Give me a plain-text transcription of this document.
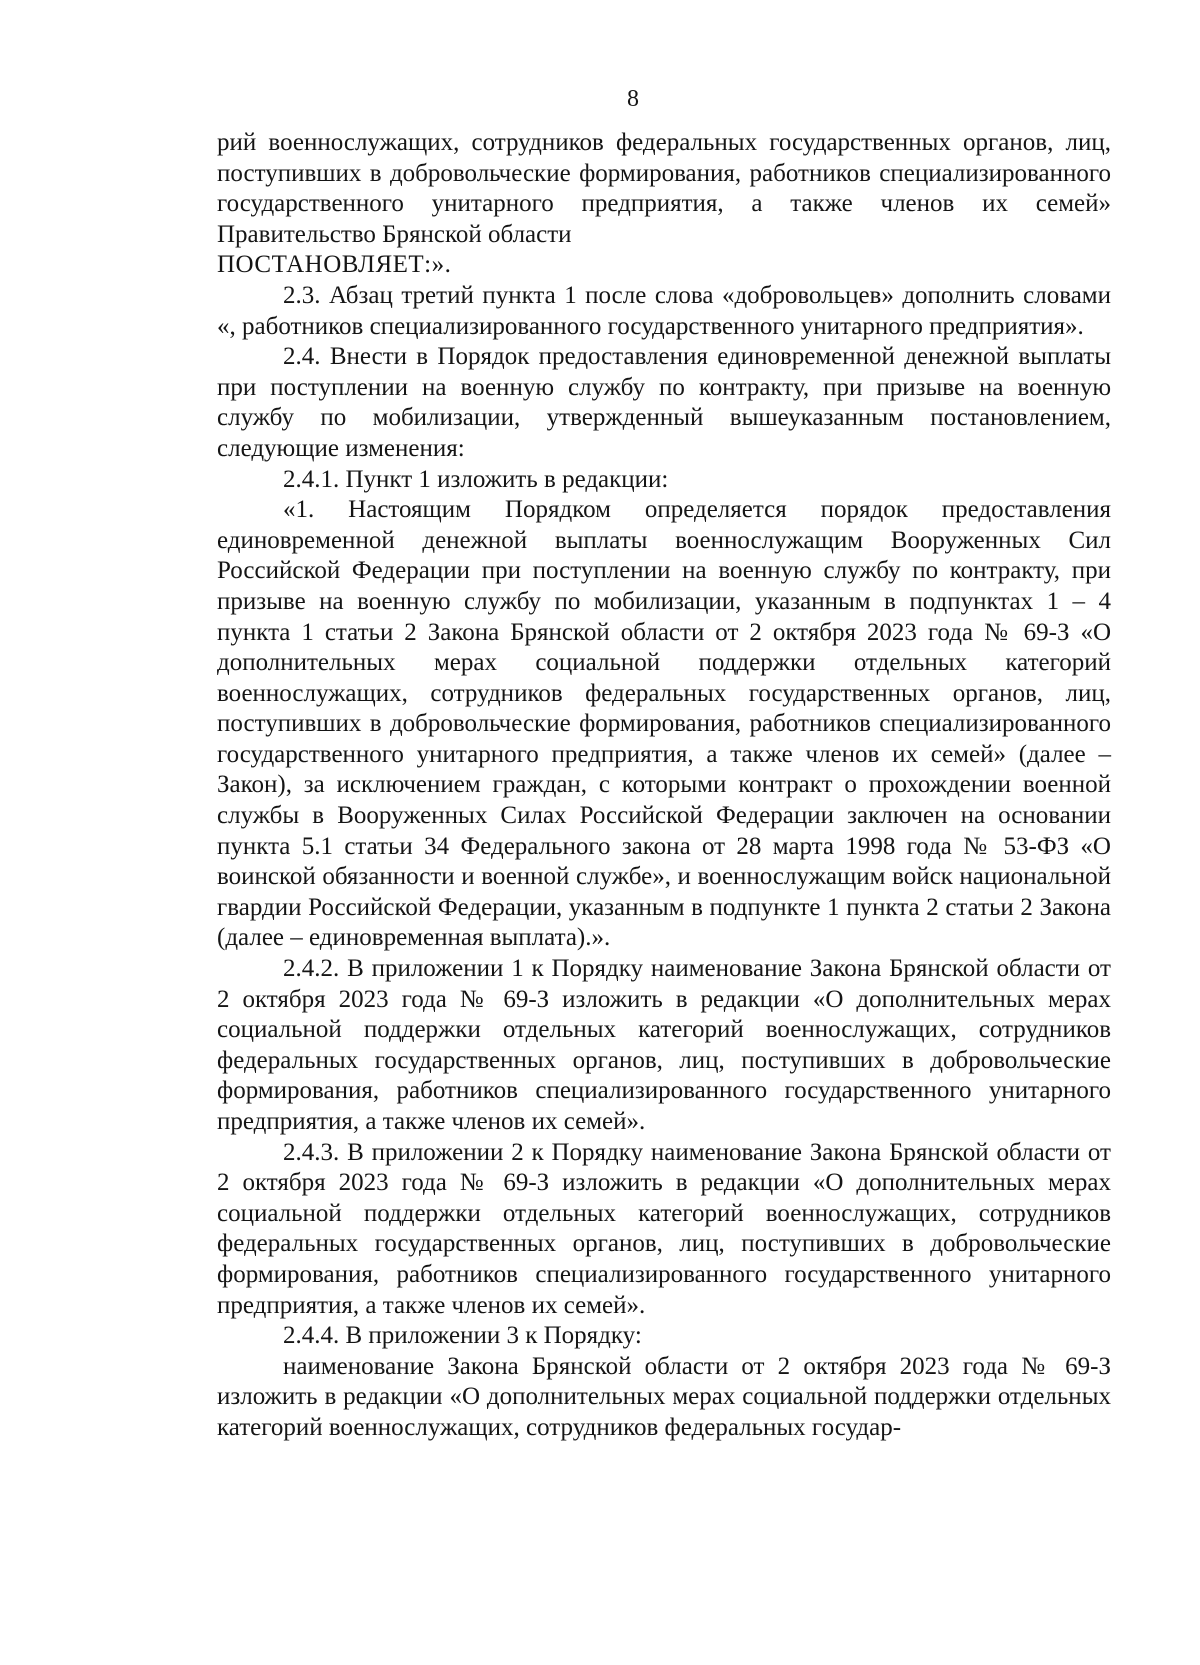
8

рий военнослужащих, сотрудников федеральных государственных органов, лиц, поступивших в добровольческие формирования, работников специализированного государственного унитарного предприятия, а также членов их семей» Правительство Брянской области

ПОСТАНОВЛЯЕТ:».

2.3. Абзац третий пункта 1 после слова «добровольцев» дополнить словами «, работников специализированного государственного унитарного предприятия».

2.4. Внести в Порядок предоставления единовременной денежной выплаты при поступлении на военную службу по контракту, при призыве на военную службу по мобилизации, утвержденный вышеуказанным постановлением, следующие изменения:

2.4.1. Пункт 1 изложить в редакции:

«1. Настоящим Порядком определяется порядок предоставления единовременной денежной выплаты военнослужащим Вооруженных Сил Российской Федерации при поступлении на военную службу по контракту, при призыве на военную службу по мобилизации, указанным в подпунктах 1 – 4 пункта 1 статьи 2 Закона Брянской области от 2 октября 2023 года № 69-З «О дополнительных мерах социальной поддержки отдельных категорий военнослужащих, сотрудников федеральных государственных органов, лиц, поступивших в добровольческие формирования, работников специализированного государственного унитарного предприятия, а также членов их семей» (далее – Закон), за исключением граждан, с которыми контракт о прохождении военной службы в Вооруженных Силах Российской Федерации заключен на основании пункта 5.1 статьи 34 Федерального закона от 28 марта 1998 года № 53-ФЗ «О воинской обязанности и военной службе», и военнослужащим войск национальной гвардии Российской Федерации, указанным в подпункте 1 пункта 2 статьи 2 Закона (далее – единовременная выплата).».

2.4.2. В приложении 1 к Порядку наименование Закона Брянской области от 2 октября 2023 года № 69-З изложить в редакции «О дополнительных мерах социальной поддержки отдельных категорий военнослужащих, сотрудников федеральных государственных органов, лиц, поступивших в добровольческие формирования, работников специализированного государственного унитарного предприятия, а также членов их семей».

2.4.3. В приложении 2 к Порядку наименование Закона Брянской области от 2 октября 2023 года № 69-З изложить в редакции «О дополнительных мерах социальной поддержки отдельных категорий военнослужащих, сотрудников федеральных государственных органов, лиц, поступивших в добровольческие формирования, работников специализированного государственного унитарного предприятия, а также членов их семей».

2.4.4. В приложении 3 к Порядку:

наименование Закона Брянской области от 2 октября 2023 года № 69-З изложить в редакции «О дополнительных мерах социальной поддержки отдельных категорий военнослужащих, сотрудников федеральных государ-
